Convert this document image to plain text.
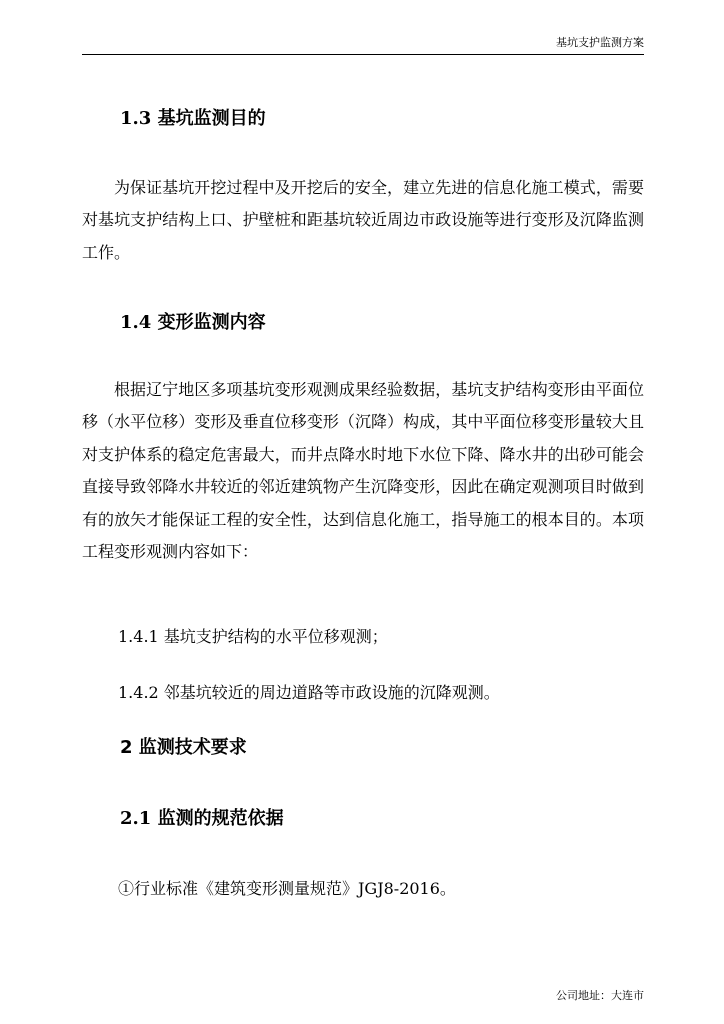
基坑支护监测方案
1.3 基坑监测目的

为保证基坑开挖过程中及开挖后的安全，建立先进的信息化施工模式，需要对基坑支护结构上口、护壁桩和距基坑较近周边市政设施等进行变形及沉降监测工作。

1.4 变形监测内容

根据辽宁地区多项基坑变形观测成果经验数据，基坑支护结构变形由平面位移（水平位移）变形及垂直位移变形（沉降）构成，其中平面位移变形量较大且对支护体系的稳定危害最大，而井点降水时地下水位下降、降水井的出砂可能会直接导致邻降水井较近的邻近建筑物产生沉降变形，因此在确定观测项目时做到有的放矢才能保证工程的安全性，达到信息化施工，指导施工的根本目的。本项工程变形观测内容如下：

1.4.1 基坑支护结构的水平位移观测；
1.4.2 邻基坑较近的周边道路等市政设施的沉降观测。
2 监测技术要求
2.1 监测的规范依据
①行业标准《建筑变形测量规范》JGJ8-2016。
公司地址：大连市
